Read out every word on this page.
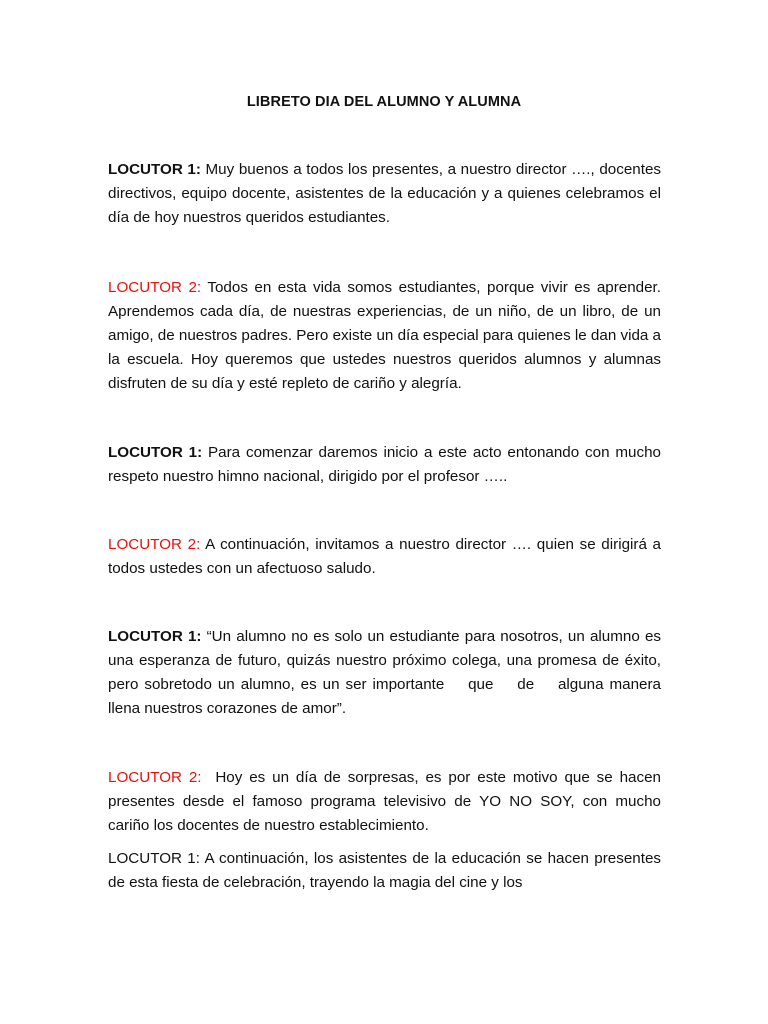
LIBRETO DIA DEL ALUMNO Y ALUMNA

LOCUTOR 1: Muy buenos a todos los presentes, a nuestro director …., docentes directivos, equipo docente, asistentes de la educación y a quienes celebramos el día de hoy nuestros queridos estudiantes.

LOCUTOR 2: Todos en esta vida somos estudiantes, porque vivir es aprender. Aprendemos cada día, de nuestras experiencias, de un niño, de un libro, de un amigo, de nuestros padres. Pero existe un día especial para quienes le dan vida a la escuela. Hoy queremos que ustedes nuestros queridos alumnos y alumnas disfruten de su día y esté repleto de cariño y alegría.

LOCUTOR 1: Para comenzar daremos inicio a este acto entonando con mucho respeto nuestro himno nacional, dirigido por el profesor …..

LOCUTOR 2: A continuación, invitamos a nuestro director …. quien se dirigirá a todos ustedes con un afectuoso saludo.

LOCUTOR 1: “Un alumno no es solo un estudiante para nosotros, un alumno es una esperanza de futuro, quizás nuestro próximo colega, una promesa de éxito, pero sobretodo un alumno, es un ser importante    que    de    alguna manera llena nuestros corazones de amor”.

LOCUTOR 2:  Hoy es un día de sorpresas, es por este motivo que se hacen presentes desde el famoso programa televisivo de YO NO SOY, con mucho cariño los docentes de nuestro establecimiento.

LOCUTOR 1: A continuación, los asistentes de la educación se hacen presentes de esta fiesta de celebración, trayendo la magia del cine y los
